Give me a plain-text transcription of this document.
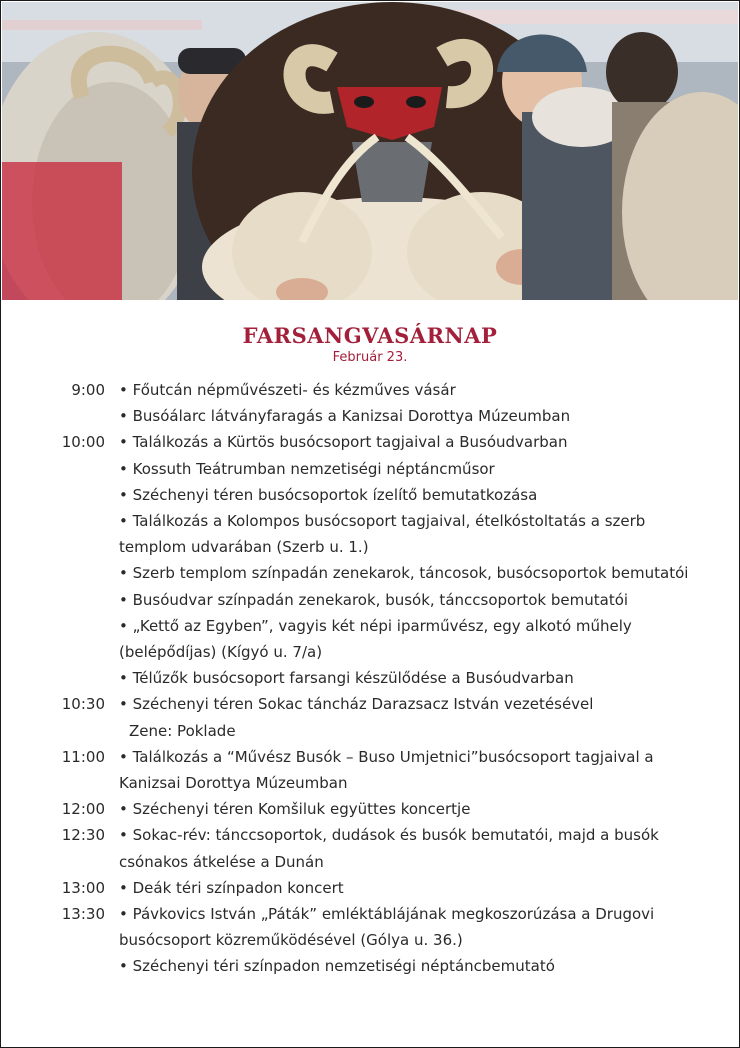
FARSANGVASÁRNAP
Február 23.
9:00 • Főutcán népművészeti- és kézműves vásár
• Busóálarc látványfaragás a Kanizsai Dorottya Múzeumban
10:00 • Találkozás a Kürtös busócsoport tagjaival a Busóudvarban
• Kossuth Teátrumban nemzetiségi néptáncműsor
• Széchenyi téren busócsoportok ízelítő bemutatkozása
• Találkozás a Kolompos busócsoport tagjaival, ételkóstoltatás a szerb
templom udvarában (Szerb u. 1.)
• Szerb templom színpadán zenekarok, táncosok, busócsoportok bemutatói
• Busóudvar színpadán zenekarok, busók, tánccsoportok bemutatói
• „Kettő az Egyben”, vagyis két népi iparművész, egy alkotó műhely
(belépődíjas) (Kígyó u. 7/a)
• Télűzők busócsoport farsangi készülődése a Busóudvarban
10:30 • Széchenyi téren Sokac táncház Darazsacz István vezetésével
Zene: Poklade
11:00 • Találkozás a “Művész Busók – Buso Umjetnici”busócsoport tagjaival a
Kanizsai Dorottya Múzeumban
12:00 • Széchenyi téren Komšiluk együttes koncertje
12:30 • Sokac-rév: tánccsoportok, dudások és busók bemutatói, majd a busók
csónakos átkelése a Dunán
13:00 • Deák téri színpadon koncert
13:30 • Pávkovics István „Páták” emléktáblájának megkoszorúzása a Drugovi
busócsoport közreműködésével (Gólya u. 36.)
• Széchenyi téri színpadon nemzetiségi néptáncbemutató
